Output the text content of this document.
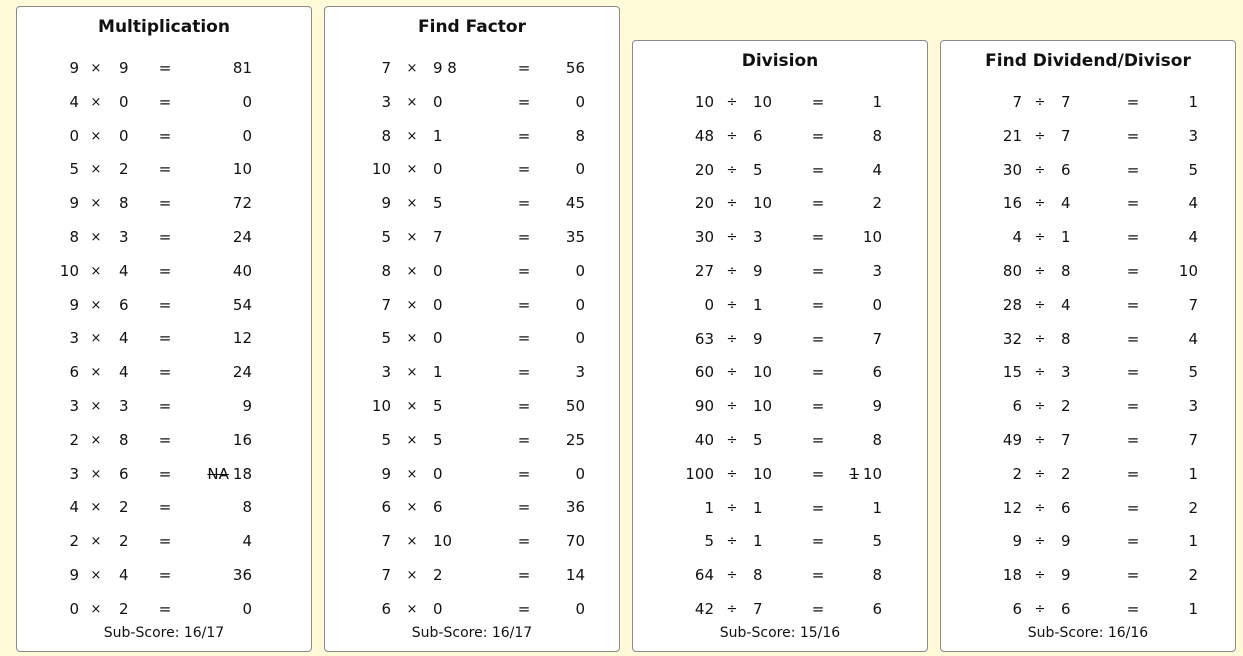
Multiplication
9 × 9	=	81
4 × 0	=	0
0 × 0	=	0
5 × 2	=	10
9 × 8	=	72
8 × 3	=	24
10 × 4	=	40
9 × 6	=	54
3 × 4	=	12
6 × 4	=	24
3 × 3	=	9
2 × 8	=	16
3 × 6	=	NA 18
4 × 2	=	8
2 × 2	=	4
9 × 4	=	36
0 × 2	=	0
Sub-Score: 16/17
Find Factor
7 × 9 8	=	56
3 × 0	=	0
8 × 1	=	8
10 × 0	=	0
9 × 5	=	45
5 × 7	=	35
8 × 0	=	0
7 × 0	=	0
5 × 0	=	0
3 × 1	=	3
10 × 5	=	50
5 × 5	=	25
9 × 0	=	0
6 × 6	=	36
7 × 10	=	70
7 × 2	=	14
6 × 0	=	0
Sub-Score: 16/17
Division
10 ÷ 10	=	1
48 ÷ 6	=	8
20 ÷ 5	=	4
20 ÷ 10	=	2
30 ÷ 3	=	10
27 ÷ 9	=	3
0 ÷ 1	=	0
63 ÷ 9	=	7
60 ÷ 10	=	6
90 ÷ 10	=	9
40 ÷ 5	=	8
100 ÷ 10	=	1 10
1 ÷ 1	=	1
5 ÷ 1	=	5
64 ÷ 8	=	8
42 ÷ 7	=	6
Sub-Score: 15/16
Find Dividend/Divisor
7 ÷ 7	=	1
21 ÷ 7	=	3
30 ÷ 6	=	5
16 ÷ 4	=	4
4 ÷ 1	=	4
80 ÷ 8	=	10
28 ÷ 4	=	7
32 ÷ 8	=	4
15 ÷ 3	=	5
6 ÷ 2	=	3
49 ÷ 7	=	7
2 ÷ 2	=	1
12 ÷ 6	=	2
9 ÷ 9	=	1
18 ÷ 9	=	2
6 ÷ 6	=	1
Sub-Score: 16/16
